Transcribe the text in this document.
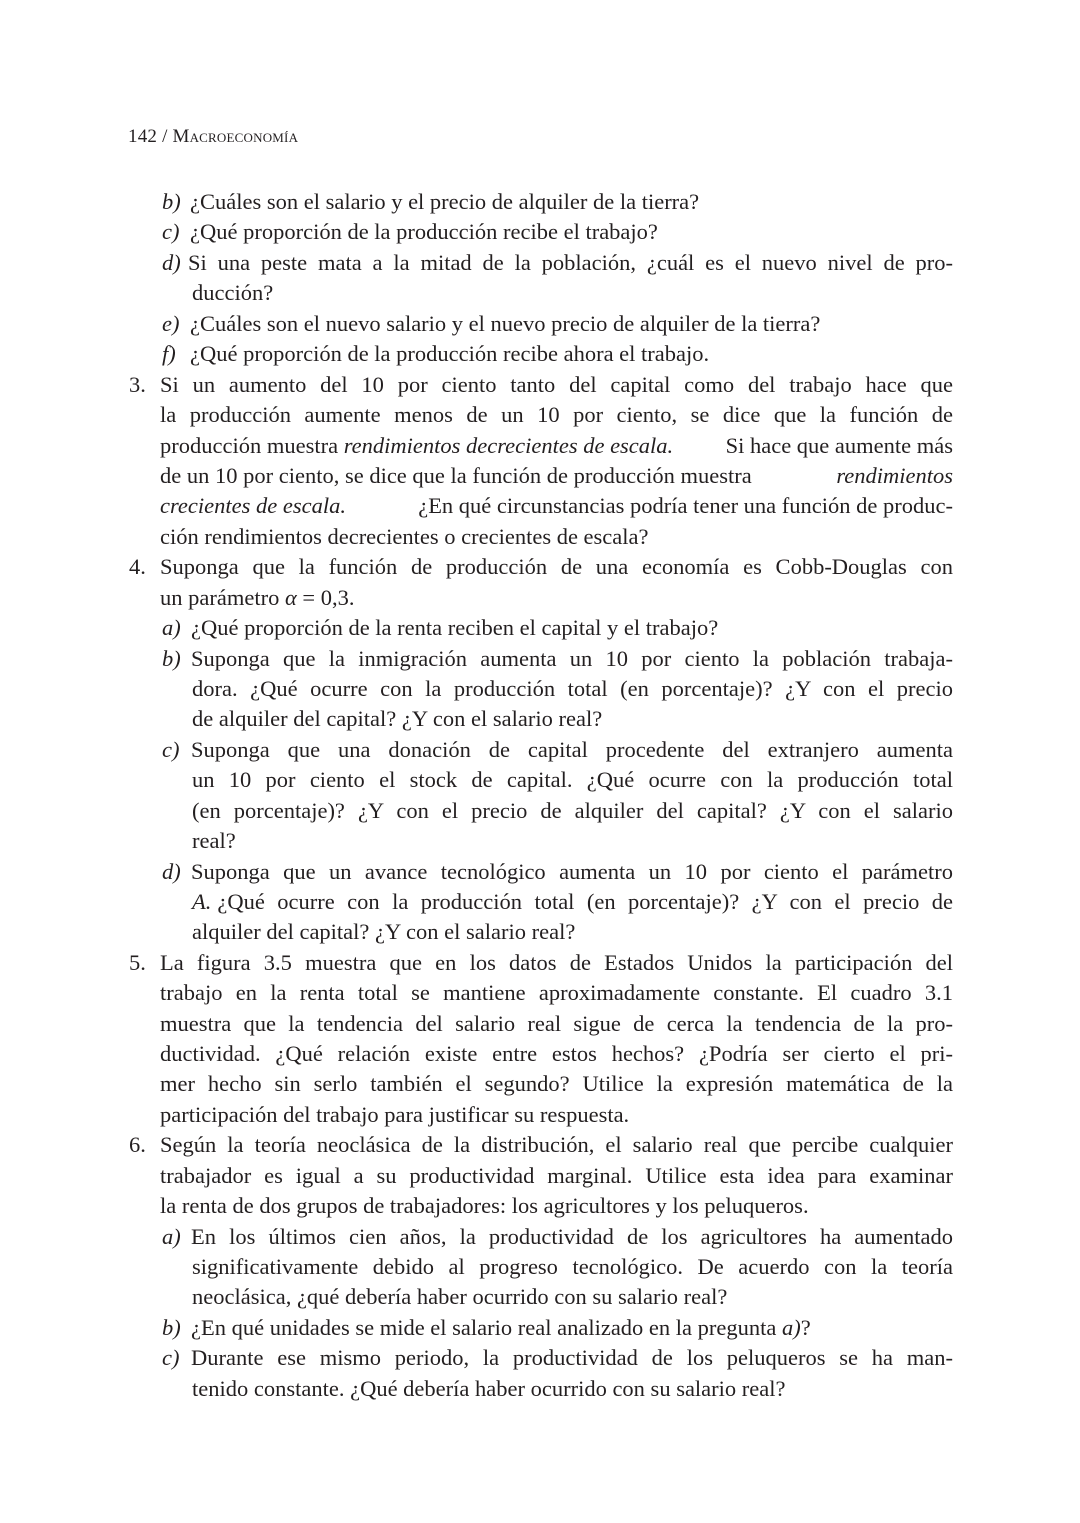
142 / Macroeconomía
b) ¿Cuáles son el salario y el precio de alquiler de la tierra?
c) ¿Qué proporción de la producción recibe el trabajo?
d) Si una peste mata a la mitad de la población, ¿cuál es el nuevo nivel de pro-
ducción?
e) ¿Cuáles son el nuevo salario y el nuevo precio de alquiler de la tierra?
f) ¿Qué proporción de la producción recibe ahora el trabajo.
3. Si un aumento del 10 por ciento tanto del capital como del trabajo hace que
la producción aumente menos de un 10 por ciento, se dice que la función de
producción muestra rendimientos decrecientes de escala. Si hace que aumente más
de un 10 por ciento, se dice que la función de producción muestra	rendimientos
crecientes de escala.	¿En qué circunstancias podría tener una función de produc-
ción rendimientos decrecientes o crecientes de escala?
4. Suponga que la función de producción de una economía es Cobb-Douglas con
un parámetro α = 0,3.
a) ¿Qué proporción de la renta reciben el capital y el trabajo?
b) Suponga que la inmigración aumenta un 10 por ciento la población trabaja-
dora. ¿Qué ocurre con la producción total (en porcentaje)? ¿Y con el precio
de alquiler del capital? ¿Y con el salario real?
c) Suponga que una donación de capital procedente del extranjero aumenta
un 10 por ciento el stock de capital. ¿Qué ocurre con la producción total
(en porcentaje)? ¿Y con el precio de alquiler del capital? ¿Y con el salario
real?
d) Suponga que un avance tecnológico aumenta un 10 por ciento el parámetro
A. ¿Qué ocurre con la producción total (en porcentaje)? ¿Y con el precio de
alquiler del capital? ¿Y con el salario real?
5. La figura 3.5 muestra que en los datos de Estados Unidos la participación del
trabajo en la renta total se mantiene aproximadamente constante. El cuadro 3.1
muestra que la tendencia del salario real sigue de cerca la tendencia de la pro-
ductividad. ¿Qué relación existe entre estos hechos? ¿Podría ser cierto el pri-
mer hecho sin serlo también el segundo? Utilice la expresión matemática de la
participación del trabajo para justificar su respuesta.
6. Según la teoría neoclásica de la distribución, el salario real que percibe cualquier
trabajador es igual a su productividad marginal. Utilice esta idea para examinar
la renta de dos grupos de trabajadores: los agricultores y los peluqueros.
a) En los últimos cien años, la productividad de los agricultores ha aumentado
significativamente debido al progreso tecnológico. De acuerdo con la teoría
neoclásica, ¿qué debería haber ocurrido con su salario real?
b) ¿En qué unidades se mide el salario real analizado en la pregunta a)?
c) Durante ese mismo periodo, la productividad de los peluqueros se ha man-
tenido constante. ¿Qué debería haber ocurrido con su salario real?
